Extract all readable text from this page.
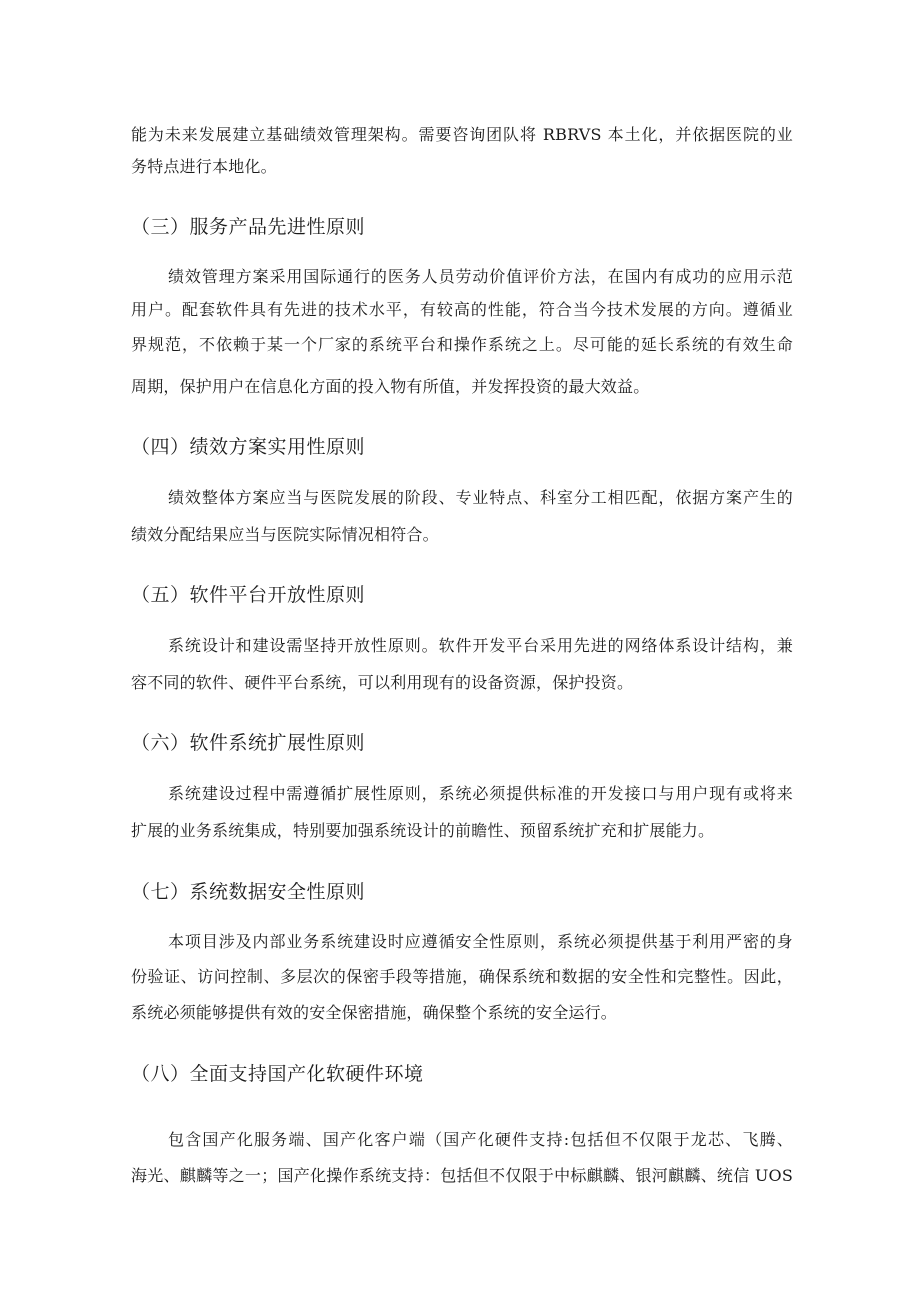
能为未来发展建立基础绩效管理架构。需要咨询团队将 RBRVS 本土化，并依据医院的业
务特点进行本地化。
（三）服务产品先进性原则
绩效管理方案采用国际通行的医务人员劳动价值评价方法，在国内有成功的应用示范
用户。配套软件具有先进的技术水平，有较高的性能，符合当今技术发展的方向。遵循业
界规范，不依赖于某一个厂家的系统平台和操作系统之上。尽可能的延长系统的有效生命
周期，保护用户在信息化方面的投入物有所值，并发挥投资的最大效益。
（四）绩效方案实用性原则
绩效整体方案应当与医院发展的阶段、专业特点、科室分工相匹配，依据方案产生的
绩效分配结果应当与医院实际情况相符合。
（五）软件平台开放性原则
系统设计和建设需坚持开放性原则。软件开发平台采用先进的网络体系设计结构，兼
容不同的软件、硬件平台系统，可以利用现有的设备资源，保护投资。
（六）软件系统扩展性原则
系统建设过程中需遵循扩展性原则，系统必须提供标准的开发接口与用户现有或将来
扩展的业务系统集成，特别要加强系统设计的前瞻性、预留系统扩充和扩展能力。
（七）系统数据安全性原则
本项目涉及内部业务系统建设时应遵循安全性原则，系统必须提供基于利用严密的身
份验证、访问控制、多层次的保密手段等措施，确保系统和数据的安全性和完整性。因此，
系统必须能够提供有效的安全保密措施，确保整个系统的安全运行。
（八）全面支持国产化软硬件环境
包含国产化服务端、国产化客户端（国产化硬件支持:包括但不仅限于龙芯、飞腾、
海光、麒麟等之一；国产化操作系统支持：包括但不仅限于中标麒麟、银河麒麟、统信 UOS
